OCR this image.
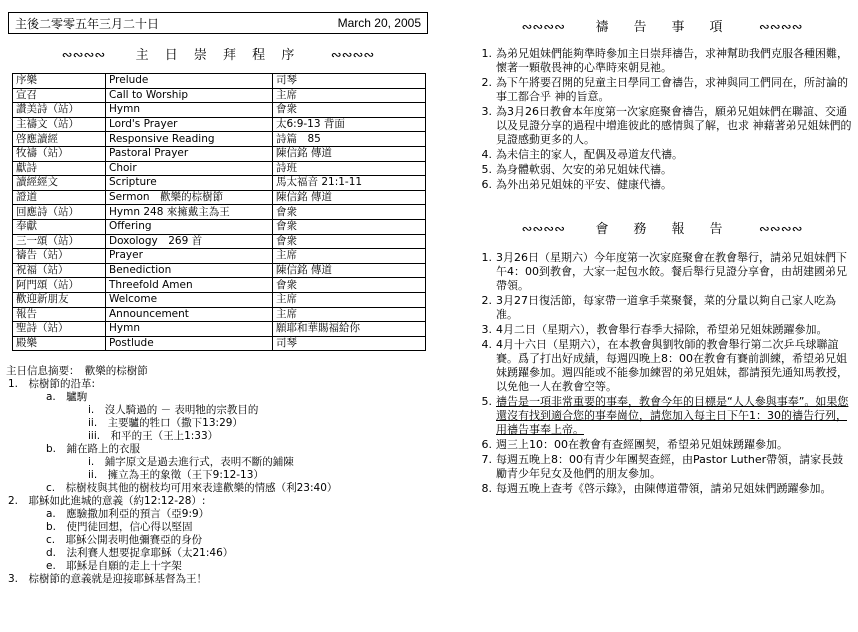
主後二零零五年三月二十日	March 20, 2005
∾∾∾∾ 主 日 崇 拜 程 序 ∾∾∾∾
序樂	Prelude	司琴
宣召	Call to Worship	主席
讚美詩（站）	Hymn	會衆
主禱文（站）	Lord's Prayer	太6:9-13 背面
啓應讀經	Responsive Reading	詩篇　85
牧禱（站）	Pastoral Prayer	陳信銘 傳道
獻詩	Choir	詩班
讀經經文	Scripture	馬太福音 21:1-11
證道	Sermon　歡樂的棕樹節	陳信銘 傳道
回應詩（站）	Hymn 248 來擁戴主為王	會衆
奉獻	Offering	會衆
三一頌（站）	Doxology　269 首	會衆
禱告（站）	Prayer	主席
祝福（站）	Benediction	陳信銘 傳道
阿門頌（站）	Threefold Amen	會衆
歡迎新朋友	Welcome	主席
報告	Announcement	主席
聖詩（站）	Hymn	願耶和華賜福給你
殿樂	Postlude	司琴
主日信息摘要：　歡樂的棕樹節
1.　棕樹節的沿革:
a.　驢駒
i.　沒人騎過的 － 表明牠的宗教目的
ii.　主要驢的牲口（撒下13:29）
iii.　和平的王（王上1:33）
b.　鋪在路上的衣服
i.　鋪字原文是過去進行式，表明不斷的鋪陳
ii.　擁立為王的象徵（王下9:12-13）
c.　棕樹枝與其他的樹枝均可用來表達歡樂的情感（利23:40）
2.　耶穌如此進城的意義（約12:12-28）:
a.　應驗撒加利亞的預言（亞9:9）
b.　使門徒回想，信心得以堅固
c.　耶穌公開表明他彌賽亞的身份
d.　法利賽人想要捉拿耶穌（太21:46）
e.　耶穌是自願的走上十字架
3.　棕樹節的意義就是迎接耶穌基督為王！
∾∾∾∾ 禱　告　事　項 ∾∾∾∾
1. 為弟兄姐妹們能夠準時參加主日崇拜禱告，求神幫助我們克服各種困難，懷著一顆敬畏神的心準時來朝見祂。
2. 為下午將要召開的兒童主日學同工會禱告，求神與同工們同在，所討論的事工都合乎 神的旨意。
3. 為3月26日教會本年度第一次家庭聚會禱告，願弟兄姐妹們在聯誼、交通以及見證分享的過程中增進彼此的感情與了解，也求 神藉著弟兄姐妹們的見證感動更多的人。
4. 為未信主的家人，配偶及尋道友代禱。
5. 為身體軟弱、欠安的弟兄姐妹代禱。
6. 為外出弟兄姐妹的平安、健康代禱。
∾∾∾∾ 會　務　報　告 ∾∾∾∾
1. 3月26日（星期六）今年度第一次家庭聚會在教會舉行，請弟兄姐妹們下午4：00到教會，大家一起包水餃。餐后舉行見證分享會，由胡建國弟兄帶領。
2. 3月27日復活節，每家帶一道拿手菜聚餐，菜的分量以夠自己家人吃為准。
3. 4月二日（星期六），教會舉行春季大掃除，希望弟兄姐妹踴躍參加。
4. 4月十六日（星期六），在本教會與劉牧師的教會舉行第二次乒乓球聯誼賽。爲了打出好成績，每週四晚上8：00在教會有賽前訓練，希望弟兄姐妹踴躍參加。週四能或不能參加練習的弟兄姐妹，都請預先通知馬教授，以免他一人在教會空等。
5. 禱告是一項非常重要的事奉，教會今年的目標是“人人參與事奉”。如果您還沒有找到適合您的事奉崗位，請您加入每主日下午1：30的禱告行列，用禱告事奉上帝。
6. 週三上10：00在教會有查經團契，希望弟兄姐妹踴躍參加。
7. 每週五晚上8：00有青少年團契查經，由Pastor Luther帶領，請家長鼓勵青少年兒女及他們的朋友參加。
8. 每週五晚上查考《啓示錄》，由陳傳道帶領，請弟兄姐妹們踴躍參加。
